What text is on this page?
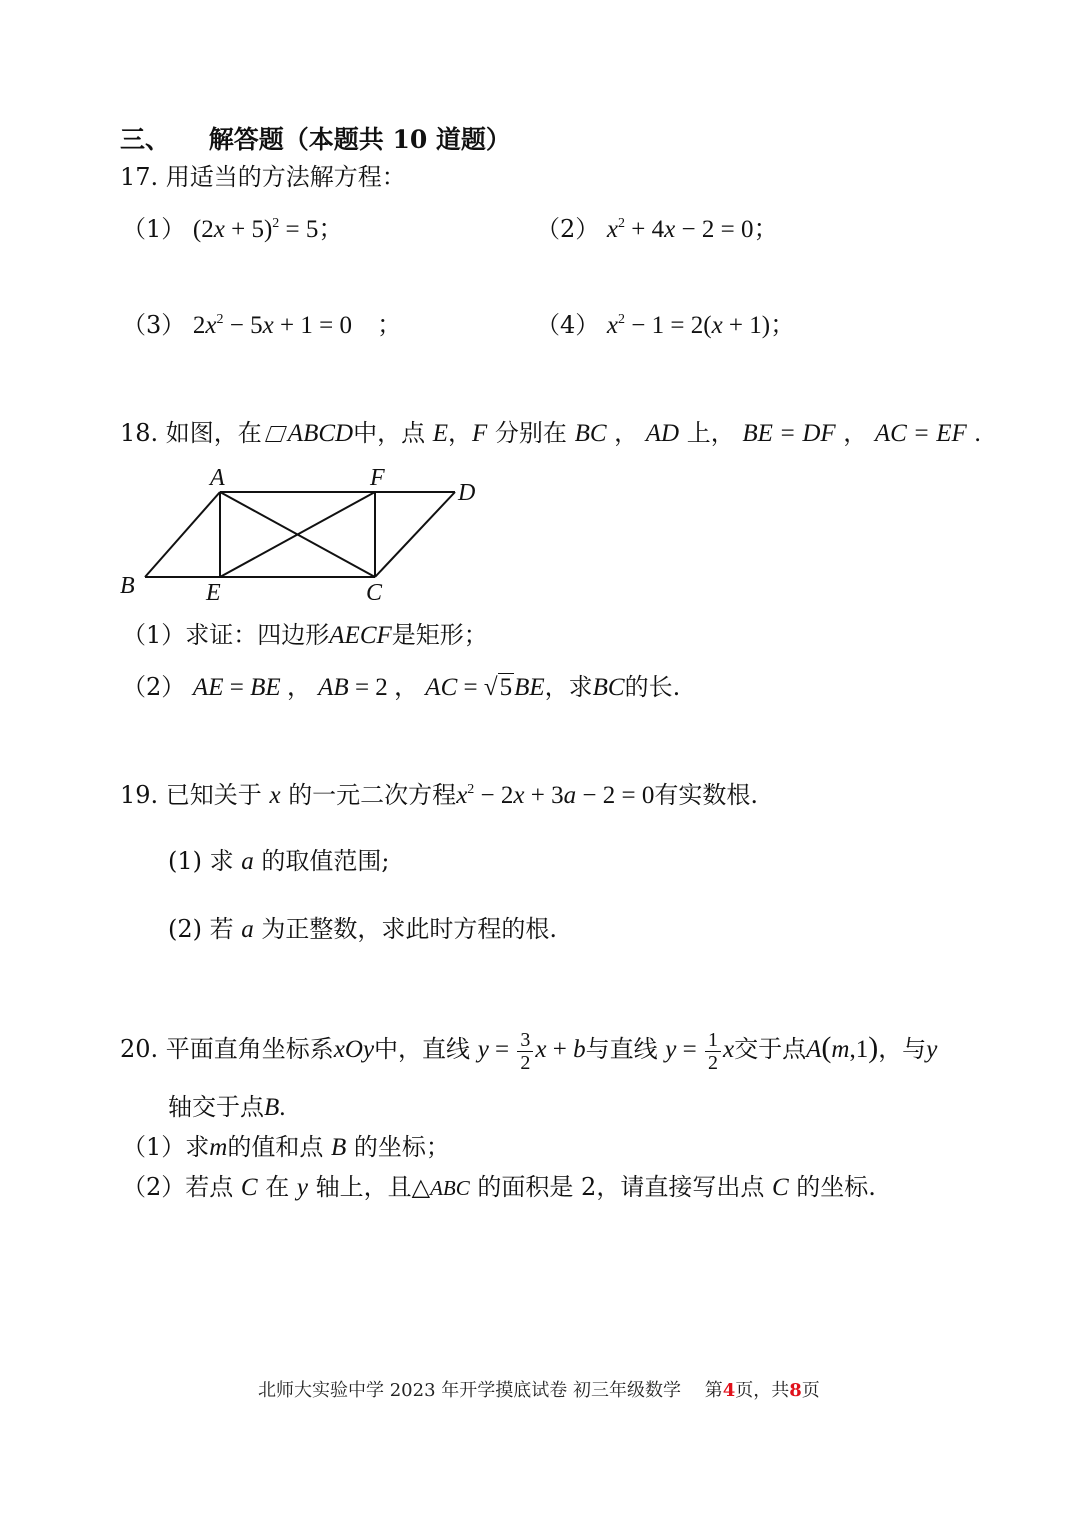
三、 解答题（本题共 10 道题）
17. 用适当的方法解方程：
（1） $(2x + 5)^2 = 5$；	（2） $x^2 + 4x - 2 = 0$；
（3） $2x^2 - 5x + 1 = 0$    ；	（4） $x^2 - 1 = 2(x + 1)$；
18. 如图，在 ABCD中，点 E，F 分别在 BC ， AD 上， BE = DF ， AC = EF .
A
B	C
D
E
F
（1）求证：四边形AECF是矩形；
（2） AE = BE ， AB = 2 ， AC = √5BE，求BC的长.
19. 已知关于 x 的一元二次方程$x^2 - 2x + 3a - 2 = 0$有实数根.
(1) 求 a 的取值范围;
(2) 若 a 为正整数，求此时方程的根.
20. 平面直角坐标系xOy中，直线 $y = \frac{3}{2}$ x + b与直线 $y = \frac{1}{2}$ x交于点A(m,1)，与y
轴交于点B.
（1）求m的值和点 B 的坐标；
（2）若点 C 在 y 轴上，且△ABC 的面积是 2，请直接写出点 C 的坐标.
北师大实验中学 2023 年开学摸底试卷 初三年级数学 第4页，共8页
